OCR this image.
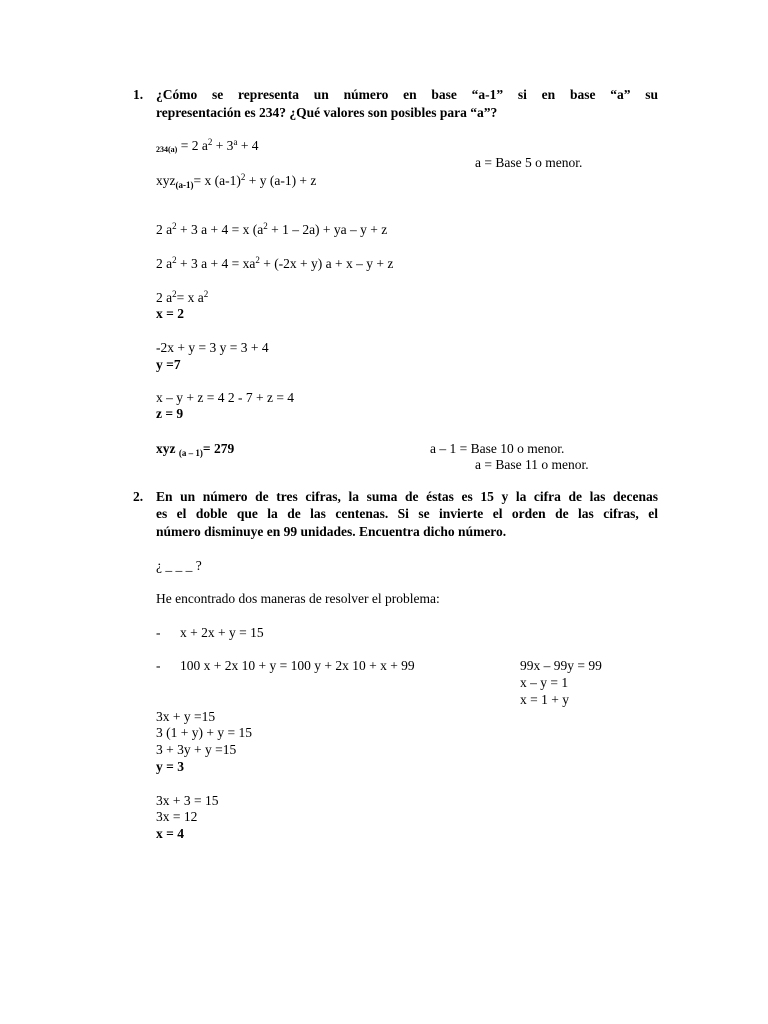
1. ¿Cómo se representa un número en base “a-1” si en base “a” su
representación es 234? ¿Qué valores son posibles para “a”?
234(a) = 2 $a^2 + 3^a + 4$
a = Base 5 o menor.
xyz$_{(a-1)}$= x $(a-1)^2 + y$ (a-1) + z
2 $a^2 + 3$ a + 4 = x $(a^2 + 1 - 2a)$ + ya – y + z
2 $a^2 + 3$ $a + 4 = xa^2 + (-2x + y) a + x - y + z$
2 $a^2= x$ $a^2$
x = 2
-2x + y = 3 y = 3 + 4
y =7
x – y + z = 4 2 - 7 + z = 4
z = 9
xyz $_{(a - 1)}$= 279	a – 1 = Base 10 o menor.
a = Base 11 o menor.
2. En un número de tres cifras, la suma de éstas es 15 y la cifra de las decenas
es el doble que la de las centenas. Si se invierte el orden de las cifras, el
número disminuye en 99 unidades. Encuentra dicho número.
¿ _ _ _ ?
He encontrado dos maneras de resolver el problema:
- x + 2x + y = 15
- 100 x + 2x 10 + y = 100 y + 2x 10 + x + 99	99x – 99y = 99
x – y = 1
x = 1 + y
3x + y =15
3 (1 + y) + y = 15
3 + 3y + y =15
y = 3
3x + 3 = 15
3x = 12
x = 4
